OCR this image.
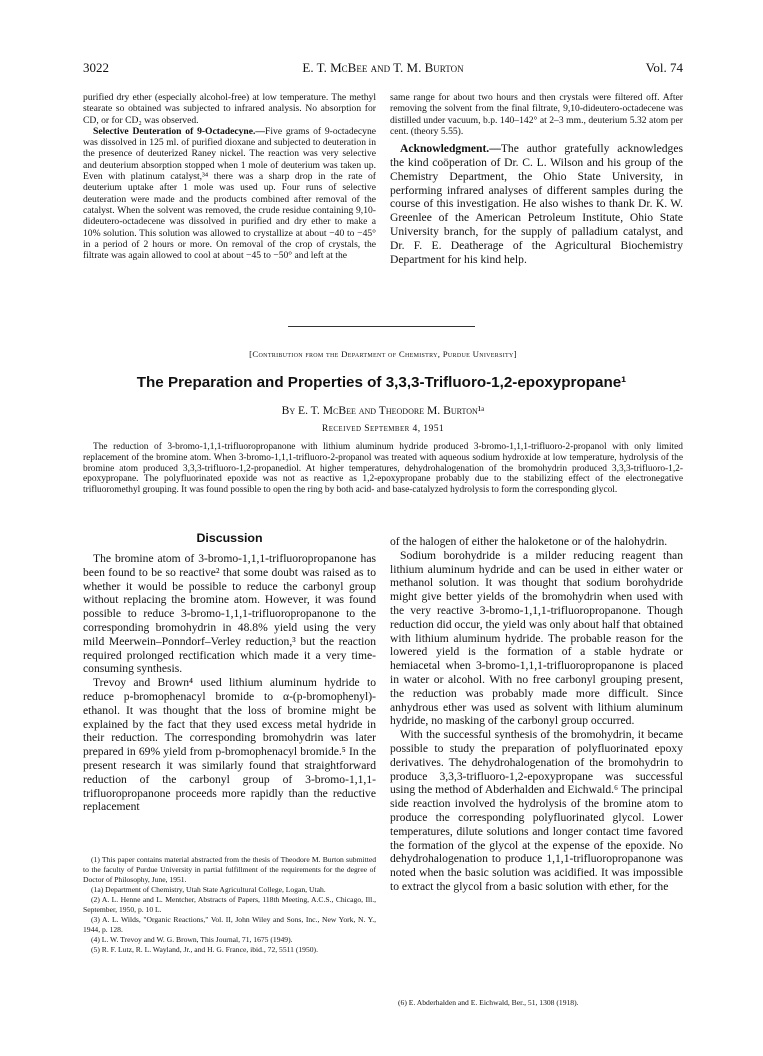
3022	E. T. McBee and T. M. Burton	Vol. 74

purified dry ether (especially alcohol-free) at low temperature. The methyl stearate so obtained was subjected to infrared analysis. No absorption for CD, or for CD₂ was observed.

Selective Deuteration of 9-Octadecyne.—Five grams of 9-octadecyne was dissolved in 125 ml. of purified dioxane and subjected to deuteration in the presence of deuterized Raney nickel. The reaction was very selective and deuterium absorption stopped when 1 mole of deuterium was taken up. Even with platinum catalyst,³⁴ there was a sharp drop in the rate of deuterium uptake after 1 mole was used up. Four runs of selective deuteration were made and the products combined after removal of the catalyst. When the solvent was removed, the crude residue containing 9,10-dideutero-octadecene was dissolved in purified and dry ether to make a 10% solution. This solution was allowed to crystallize at about −40 to −45° in a period of 2 hours or more. On removal of the crop of crystals, the filtrate was again allowed to cool at about −45 to −50° and left at the

same range for about two hours and then crystals were filtered off. After removing the solvent from the final filtrate, 9,10-dideutero-octadecene was distilled under vacuum, b.p. 140–142° at 2–3 mm., deuterium 5.32 atom per cent. (theory 5.55).

Acknowledgment.—The author gratefully acknowledges the kind coöperation of Dr. C. L. Wilson and his group of the Chemistry Department, the Ohio State University, in performing infrared analyses of different samples during the course of this investigation. He also wishes to thank Dr. K. W. Greenlee of the American Petroleum Institute, Ohio State University branch, for the supply of palladium catalyst, and Dr. F. E. Deatherage of the Agricultural Biochemistry Department for his kind help.

[Contribution from the Department of Chemistry, Purdue University]
The Preparation and Properties of 3,3,3-Trifluoro-1,2-epoxypropane¹
By E. T. McBee and Theodore M. Burton¹ᵃ
Received September 4, 1951

The reduction of 3-bromo-1,1,1-trifluoropropanone with lithium aluminum hydride produced 3-bromo-1,1,1-trifluoro-2-propanol with only limited replacement of the bromine atom. When 3-bromo-1,1,1-trifluoro-2-propanol was treated with aqueous sodium hydroxide at low temperature, hydrolysis of the bromine atom produced 3,3,3-trifluoro-1,2-propanediol. At higher temperatures, dehydrohalogenation of the bromohydrin produced 3,3,3-trifluoro-1,2-epoxypropane. The polyfluorinated epoxide was not as reactive as 1,2-epoxypropane probably due to the stabilizing effect of the electronegative trifluoromethyl grouping. It was found possible to open the ring by both acid- and base-catalyzed hydrolysis to form the corresponding glycol.

Discussion

The bromine atom of 3-bromo-1,1,1-trifluoropropanone has been found to be so reactive² that some doubt was raised as to whether it would be possible to reduce the carbonyl group without replacing the bromine atom. However, it was found possible to reduce 3-bromo-1,1,1-trifluoropropanone to the corresponding bromohydrin in 48.8% yield using the very mild Meerwein–Ponndorf–Verley reduction,³ but the reaction required prolonged rectification which made it a very time-consuming synthesis.

Trevoy and Brown⁴ used lithium aluminum hydride to reduce p-bromophenacyl bromide to α-(p-bromophenyl)-ethanol. It was thought that the loss of bromine might be explained by the fact that they used excess metal hydride in their reduction. The corresponding bromohydrin was later prepared in 69% yield from p-bromophenacyl bromide.⁵ In the present research it was similarly found that straightforward reduction of the carbonyl group of 3-bromo-1,1,1-trifluoropropanone proceeds more rapidly than the reductive replacement

(1) This paper contains material abstracted from the thesis of Theodore M. Burton submitted to the faculty of Purdue University in partial fulfillment of the requirements for the degree of Doctor of Philosophy, June, 1951.

(1a) Department of Chemistry, Utah State Agricultural College, Logan, Utah.

(2) A. L. Henne and L. Mentcher, Abstracts of Papers, 118th Meeting, A.C.S., Chicago, Ill., September, 1950, p. 10 L.

(3) A. L. Wilds, "Organic Reactions," Vol. II, John Wiley and Sons, Inc., New York, N. Y., 1944, p. 128.

(4) L. W. Trevoy and W. G. Brown, This Journal, 71, 1675 (1949).

(5) R. F. Lutz, R. L. Wayland, Jr., and H. G. France, ibid., 72, 5511 (1950).

of the halogen of either the haloketone or of the halohydrin.

Sodium borohydride is a milder reducing reagent than lithium aluminum hydride and can be used in either water or methanol solution. It was thought that sodium borohydride might give better yields of the bromohydrin when used with the very reactive 3-bromo-1,1,1-trifluoropropanone. Though reduction did occur, the yield was only about half that obtained with lithium aluminum hydride. The probable reason for the lowered yield is the formation of a stable hydrate or hemiacetal when 3-bromo-1,1,1-trifluoropropanone is placed in water or alcohol. With no free carbonyl grouping present, the reduction was probably made more difficult. Since anhydrous ether was used as solvent with lithium aluminum hydride, no masking of the carbonyl group occurred.

With the successful synthesis of the bromohydrin, it became possible to study the preparation of polyfluorinated epoxy derivatives. The dehydrohalogenation of the bromohydrin to produce 3,3,3-trifluoro-1,2-epoxypropane was successful using the method of Abderhalden and Eichwald.⁶ The principal side reaction involved the hydrolysis of the bromine atom to produce the corresponding polyfluorinated glycol. Lower temperatures, dilute solutions and longer contact time favored the formation of the glycol at the expense of the epoxide. No dehydrohalogenation to produce 1,1,1-trifluoropropanone was noted when the basic solution was acidified. It was impossible to extract the glycol from a basic solution with ether, for the

(6) E. Abderhalden and E. Eichwald, Ber., 51, 1308 (1918).
